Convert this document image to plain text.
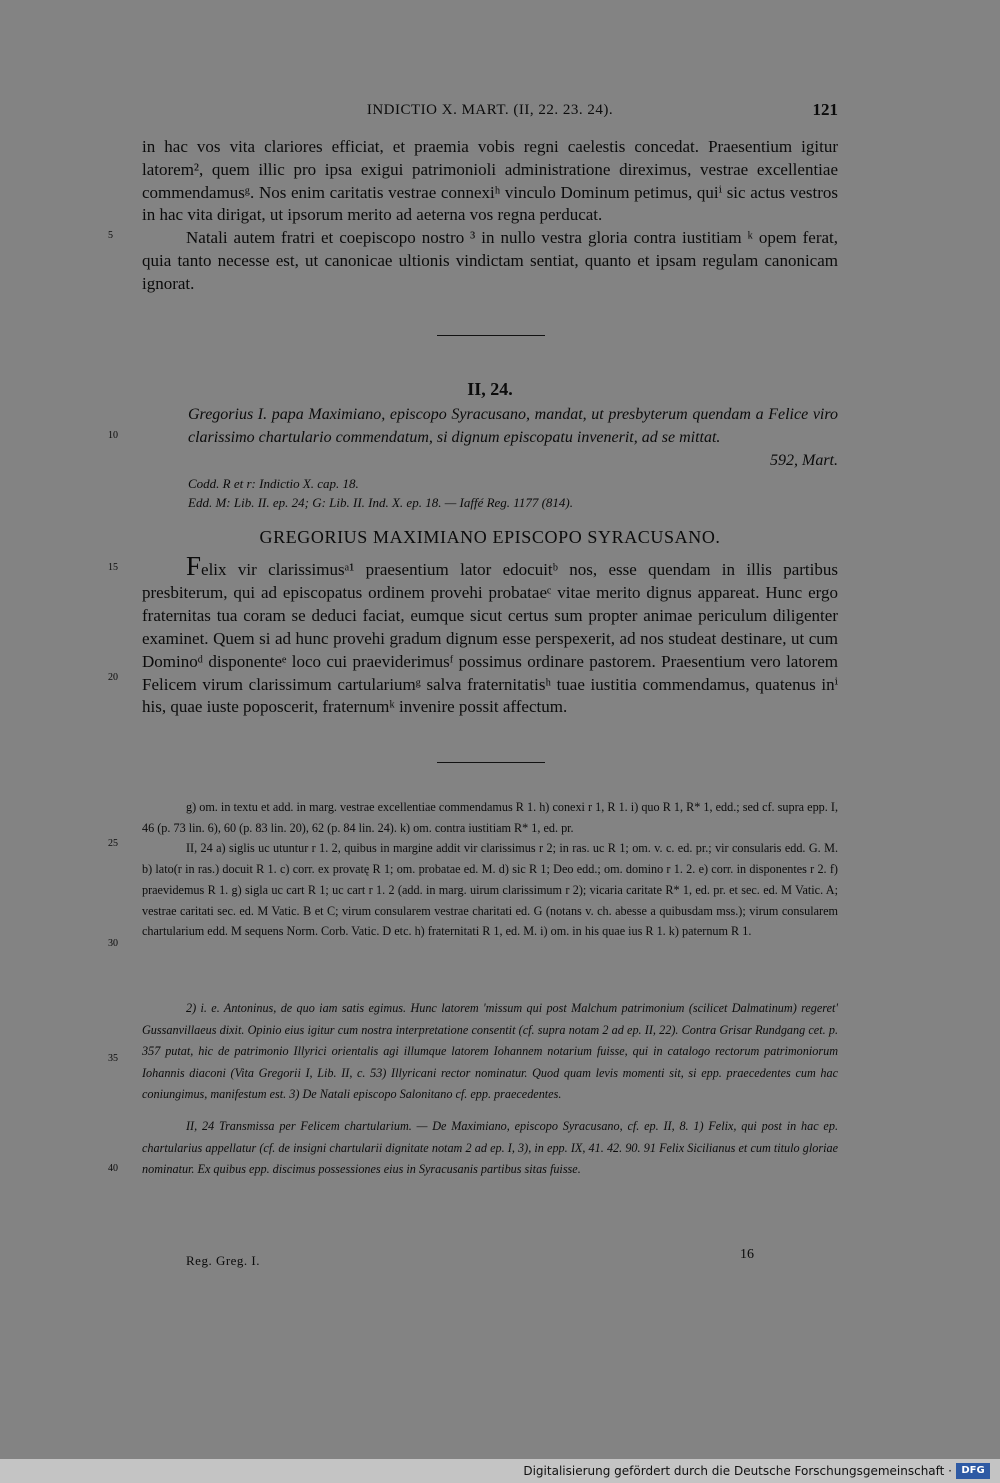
INDICTIO X. MART. (II, 22. 23. 24).	121

in hac vos vita clariores efficiat, et praemia vobis regni caelestis concedat. Praesentium igitur latorem², quem illic pro ipsa exigui patrimonioli administratione direximus, vestrae excellentiae commendamusᵍ. Nos enim caritatis vestrae connexiʰ vinculo Dominum petimus, quiⁱ sic actus vestros in hac vita dirigat, ut ipsorum merito ad aeterna vos regna perducat.

Natali autem fratri et coepiscopo nostro ³ in nullo vestra gloria contra iustitiam ᵏ opem ferat, quia tanto necesse est, ut canonicae ultionis vindictam sentiat, quanto et ipsam regulam canonicam ignorat.

5
II, 24.
Gregorius I. papa Maximiano, episcopo Syracusano, mandat, ut presbyterum quendam a Felice viro clarissimo chartulario commendatum, si dignum episcopatu invenerit, ad se mittat.
592, Mart.
10
Codd. R et r: Indictio X. cap. 18.
Edd. M: Lib. II. ep. 24; G: Lib. II. Ind. X. ep. 18. — Iaffé Reg. 1177 (814).
GREGORIUS MAXIMIANO EPISCOPO SYRACUSANO.

Felix vir clarissimusᵃ¹ praesentium lator edocuitᵇ nos, esse quendam in illis partibus presbiterum, qui ad episcopatus ordinem provehi probataeᶜ vitae merito dignus appareat. Hunc ergo fraternitas tua coram se deduci faciat, eumque sicut certus sum propter animae periculum diligenter examinet. Quem si ad hunc provehi gradum dignum esse perspexerit, ad nos studeat destinare, ut cum Dominoᵈ disponenteᵉ loco cui praeviderimusᶠ possimus ordinare pastorem. Praesentium vero latorem Felicem virum clarissimum cartulariumᵍ salva fraternitatisʰ tuae iustitia commendamus, quatenus inⁱ his, quae iuste poposcerit, fraternumᵏ invenire possit affectum.

15
20

g) om. in textu et add. in marg. vestrae excellentiae commendamus R 1. h) conexi r 1, R 1. i) quo R 1, R* 1, edd.; sed cf. supra epp. I, 46 (p. 73 lin. 6), 60 (p. 83 lin. 20), 62 (p. 84 lin. 24). k) om. contra iustitiam R* 1, ed. pr.

II, 24 a) siglis uc utuntur r 1. 2, quibus in margine addit vir clarissimus r 2; in ras. uc R 1; om. v. c. ed. pr.; vir consularis edd. G. M. b) lato(r in ras.) docuit R 1. c) corr. ex provatę R 1; om. probatae ed. M. d) sic R 1; Deo edd.; om. domino r 1. 2. e) corr. in disponentes r 2. f) praevidemus R 1. g) sigla uc cart R 1; uc cart r 1. 2 (add. in marg. uirum clarissimum r 2); vicaria caritate R* 1, ed. pr. et sec. ed. M Vatic. A; vestrae caritati sec. ed. M Vatic. B et C; virum consularem vestrae charitati ed. G (notans v. ch. abesse a quibusdam mss.); virum consularem chartularium edd. M sequens Norm. Corb. Vatic. D etc. h) fraternitati R 1, ed. M. i) om. in his quae ius R 1. k) paternum R 1.

25
30

2) i. e. Antoninus, de quo iam satis egimus. Hunc latorem 'missum qui post Malchum patrimonium (scilicet Dalmatinum) regeret' Gussanvillaeus dixit. Opinio eius igitur cum nostra interpretatione consentit (cf. supra notam 2 ad ep. II, 22). Contra Grisar Rundgang cet. p. 357 putat, hic de patrimonio Illyrici orientalis agi illumque latorem Iohannem notarium fuisse, qui in catalogo rectorum patrimoniorum Iohannis diaconi (Vita Gregorii I, Lib. II, c. 53) Illyricani rector nominatur. Quod quam levis momenti sit, si epp. praecedentes cum hac coniungimus, manifestum est. 3) De Natali episcopo Salonitano cf. epp. praecedentes.

II, 24 Transmissa per Felicem chartularium. — De Maximiano, episcopo Syracusano, cf. ep. II, 8. 1) Felix, qui post in hac ep. chartularius appellatur (cf. de insigni chartularii dignitate notam 2 ad ep. I, 3), in epp. IX, 41. 42. 90. 91 Felix Sicilianus et cum titulo gloriae nominatur. Ex quibus epp. discimus possessiones eius in Syracusanis partibus sitas fuisse.

35
40
Reg. Greg. I.	16
Digitalisierung gefördert durch die Deutsche Forschungsgemeinschaft · DFG
